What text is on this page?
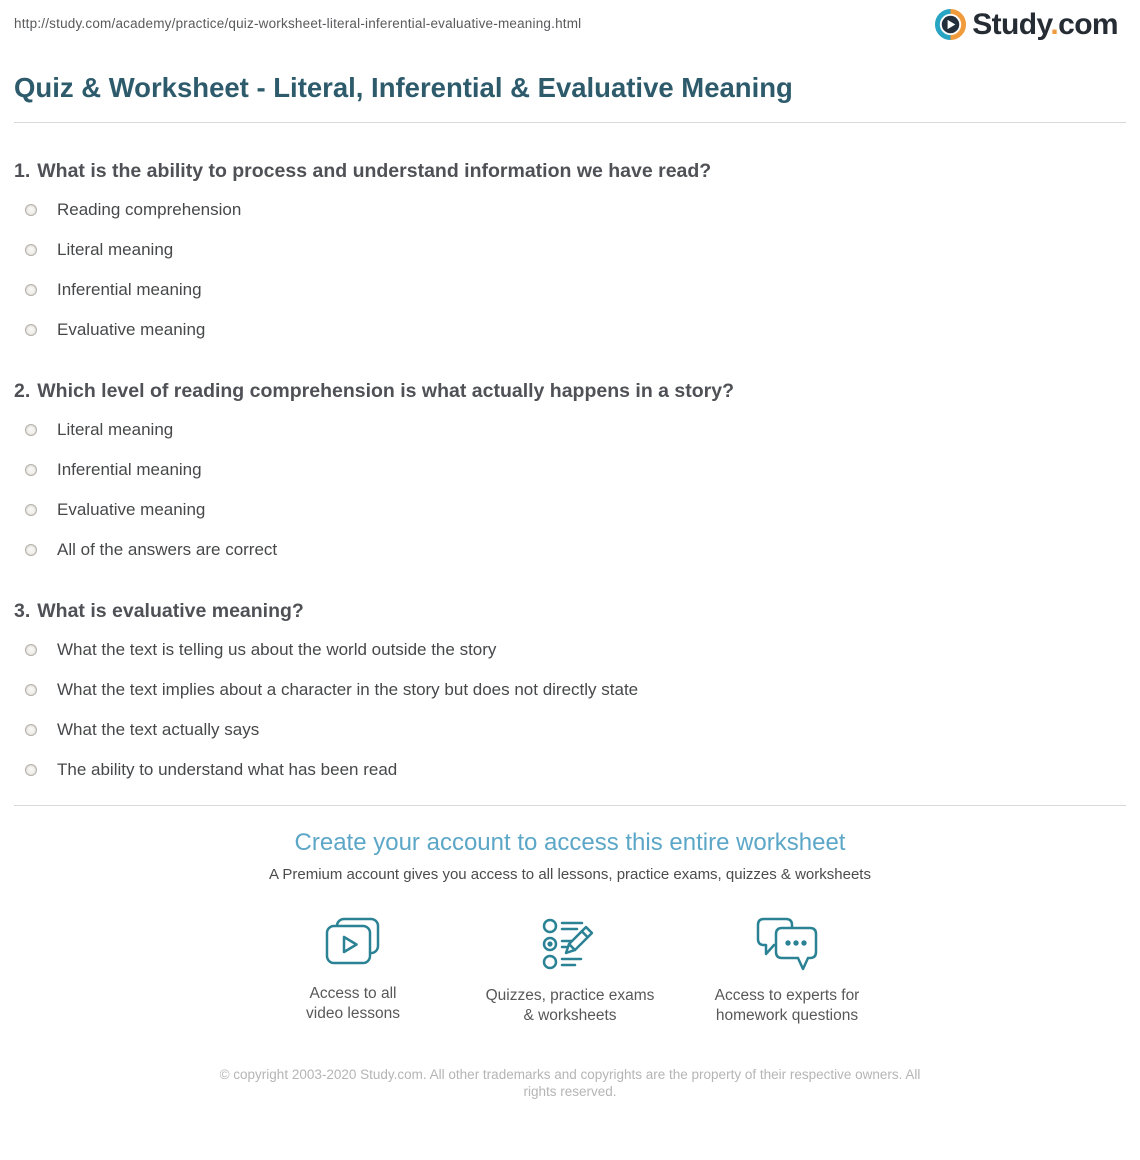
http://study.com/academy/practice/quiz-worksheet-literal-inferential-evaluative-meaning.html	Study.com
Quiz & Worksheet - Literal, Inferential & Evaluative Meaning
1. What is the ability to process and understand information we have read?
Reading comprehension
Literal meaning
Inferential meaning
Evaluative meaning
2. Which level of reading comprehension is what actually happens in a story?
Literal meaning
Inferential meaning
Evaluative meaning
All of the answers are correct
3. What is evaluative meaning?
What the text is telling us about the world outside the story
What the text implies about a character in the story but does not directly state
What the text actually says
The ability to understand what has been read
Create your account to access this entire worksheet

A Premium account gives you access to all lessons, practice exams, quizzes & worksheets

Access to all
video lessons
Quizzes, practice exams
& worksheets
Access to experts for
homework questions

© copyright 2003-2020 Study.com. All other trademarks and copyrights are the property of their respective owners. All rights reserved.
